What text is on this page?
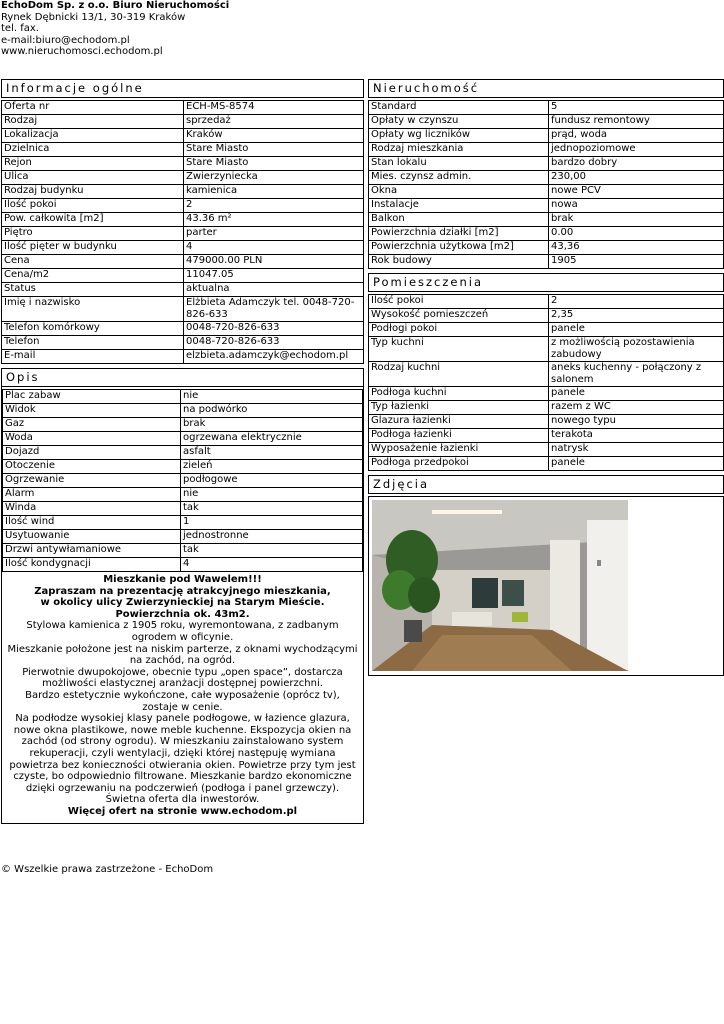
EchoDom Sp. z o.o. Biuro Nieruchomości
Rynek Dębnicki 13/1, 30-319 Kraków
tel. fax.
e-mail:biuro@echodom.pl
www.nieruchomosci.echodom.pl
Informacje ogólne
Oferta nr	ECH-MS-8574
Rodzaj	sprzedaż
Lokalizacja	Kraków
Dzielnica	Stare Miasto
Rejon	Stare Miasto
Ulica	Zwierzyniecka
Rodzaj budynku	kamienica
Ilość pokoi	2
Pow. całkowita [m2]	43.36 m²
Piętro	parter
Ilość pięter w budynku	4
Cena	479000.00 PLN
Cena/m2	11047.05
Status	aktualna
Imię i nazwisko	Elżbieta Adamczyk tel. 0048-720-826-633
Telefon komórkowy	0048-720-826-633
Telefon	0048-720-826-633
E-mail	elzbieta.adamczyk@echodom.pl
Opis
Plac zabaw	nie
Widok	na podwórko
Gaz	brak
Woda	ogrzewana elektrycznie
Dojazd	asfalt
Otoczenie	zieleń
Ogrzewanie	podłogowe
Alarm	nie
Winda	tak
Ilość wind	1
Usytuowanie	jednostronne
Drzwi antywłamaniowe	tak
Ilość kondygnacji	4
Mieszkanie pod Wawelem!!!
Zapraszam na prezentację atrakcyjnego mieszkania,
w okolicy ulicy Zwierzynieckiej na Starym Mieście.
Powierzchnia ok. 43m2.
Stylowa kamienica z 1905 roku, wyremontowana, z zadbanym ogrodem w oficynie.
Mieszkanie położone jest na niskim parterze, z oknami wychodzącymi na zachód, na ogród.
Pierwotnie dwupokojowe, obecnie typu „open space”, dostarcza możliwości elastycznej aranżacji dostępnej powierzchni.
Bardzo estetycznie wykończone, całe wyposażenie (oprócz tv), zostaje w cenie.
Na podłodze wysokiej klasy panele podłogowe, w łazience glazura, nowe okna plastikowe, nowe meble kuchenne. Ekspozycja okien na zachód (od strony ogrodu). W mieszkaniu zainstalowano system rekuperacji, czyli wentylacji, dzięki której następuję wymiana powietrza bez konieczności otwierania okien. Powietrze przy tym jest czyste, bo odpowiednio filtrowane. Mieszkanie bardzo ekonomiczne dzięki ogrzewaniu na podczerwień (podłoga i panel grzewczy).
Świetna oferta dla inwestorów.
Więcej ofert na stronie www.echodom.pl
Nieruchomość
Standard	5
Opłaty w czynszu	fundusz remontowy
Opłaty wg liczników	prąd, woda
Rodzaj mieszkania	jednopoziomowe
Stan lokalu	bardzo dobry
Mies. czynsz admin.	230,00
Okna	nowe PCV
Instalacje	nowa
Balkon	brak
Powierzchnia działki [m2]	0.00
Powierzchnia użytkowa [m2]	43,36
Rok budowy	1905
Pomieszczenia
Ilość pokoi	2
Wysokość pomieszczeń	2,35
Podłogi pokoi	panele
Typ kuchni	z możliwością pozostawienia zabudowy
Rodzaj kuchni	aneks kuchenny - połączony z salonem
Podłoga kuchni	panele
Typ łazienki	razem z WC
Glazura łazienki	nowego typu
Podłoga łazienki	terakota
Wyposażenie łazienki	natrysk
Podłoga przedpokoi	panele
Zdjęcia
© Wszelkie prawa zastrzeżone - EchoDom
